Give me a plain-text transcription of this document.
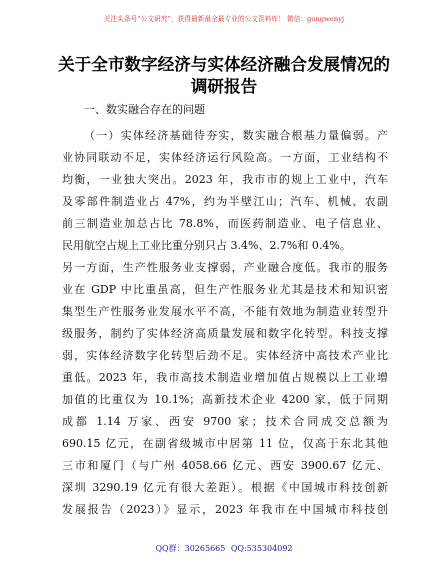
关注头条号“公文研究”，获得最新最全最专业的公文资料库！ 微信：gongwenyj
关于全市数字经济与实体经济融合发展情况的
调研报告
一、数实融合存在的问题
（一）实体经济基础待夯实，数实融合根基力量偏弱。产
业协同联动不足，实体经济运行风险高。一方面，工业结构不
均衡，一业独大突出。2023 年，我市市的规上工业中，汽车
及零部件制造业占 47%，约为半壁江山；汽车、机械、农副
前三制造业加总占比 78.8%，而医药制造业、电子信息业、
民用航空占规上工业比重分别只占 3.4%、2.7%和 0.4%。
另一方面，生产性服务业支撑弱，产业融合度低。我市的服务
业在 GDP 中比重虽高，但生产性服务业尤其是技术和知识密
集型生产性服务业发展水平不高，不能有效地为制造业转型升
级服务，制约了实体经济高质量发展和数字化转型。科技支撑
弱，实体经济数字化转型后劲不足。实体经济中高技术产业比
重低。2023 年，我市高技术制造业增加值占规模以上工业增
加值的比重仅为 10.1%；高新技术企业 4200 家，低于同期
成都 1.14 万家、西安 9700 家；技术合同成交总额为
690.15 亿元，在副省级城市中居第 11 位，仅高于东北其他
三市和厦门（与广州 4058.66 亿元、西安 3900.67 亿元、
深圳 3290.19 亿元有很大差距）。根据《中国城市科技创新
发展报告（2023）》显示，2023 年我市在中国城市科技创
QQ群：30265665 QQ:535304092
